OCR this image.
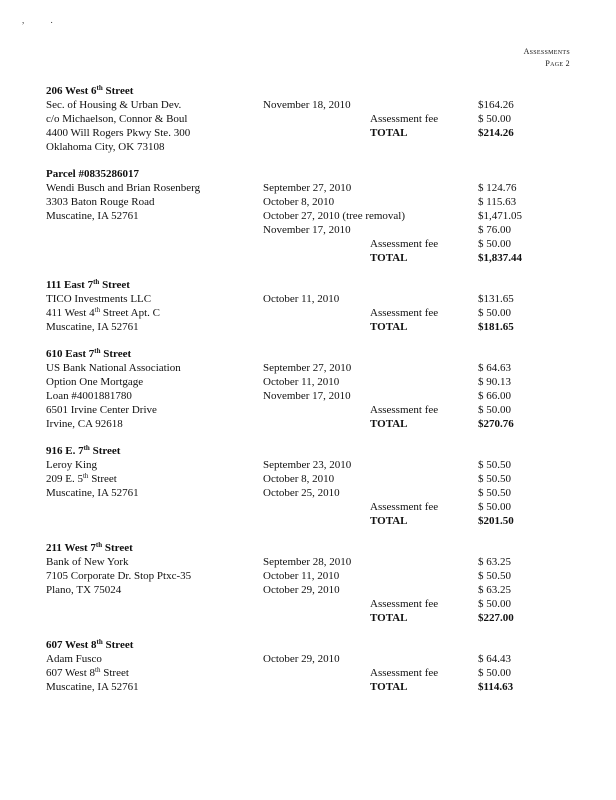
,	.
Assessments
Page 2
206 West 6th Street
Sec. of Housing & Urban Dev.	November 18, 2010	$164.26
c/o Michaelson, Connor & Boul	Assessment fee	$ 50.00
4400 Will Rogers Pkwy Ste. 300	TOTAL	$214.26
Oklahoma City, OK 73108
Parcel #0835286017
Wendi Busch and Brian Rosenberg	September 27, 2010	$ 124.76
3303 Baton Rouge Road	October 8, 2010	$ 115.63
Muscatine, IA 52761	October 27, 2010 (tree removal)	$1,471.05
November 17, 2010	$ 76.00
Assessment fee	$ 50.00
TOTAL	$1,837.44
111 East 7th Street
TICO Investments LLC	October 11, 2010	$131.65
411 West 4th Street Apt. C	Assessment fee	$ 50.00
Muscatine, IA 52761	TOTAL	$181.65
610 East 7th Street
US Bank National Association	September 27, 2010	$ 64.63
Option One Mortgage	October 11, 2010	$ 90.13
Loan #4001881780	November 17, 2010	$ 66.00
6501 Irvine Center Drive	Assessment fee	$ 50.00
Irvine, CA 92618	TOTAL	$270.76
916 E. 7th Street
Leroy King	September 23, 2010	$ 50.50
209 E. 5th Street	October 8, 2010	$ 50.50
Muscatine, IA 52761	October 25, 2010	$ 50.50
Assessment fee	$ 50.00
TOTAL	$201.50
211 West 7th Street
Bank of New York	September 28, 2010	$ 63.25
7105 Corporate Dr. Stop Ptxc-35	October 11, 2010	$ 50.50
Plano, TX 75024	October 29, 2010	$ 63.25
Assessment fee	$ 50.00
TOTAL	$227.00
607 West 8th Street
Adam Fusco	October 29, 2010	$ 64.43
607 West 8th Street	Assessment fee	$ 50.00
Muscatine, IA 52761	TOTAL	$114.63
